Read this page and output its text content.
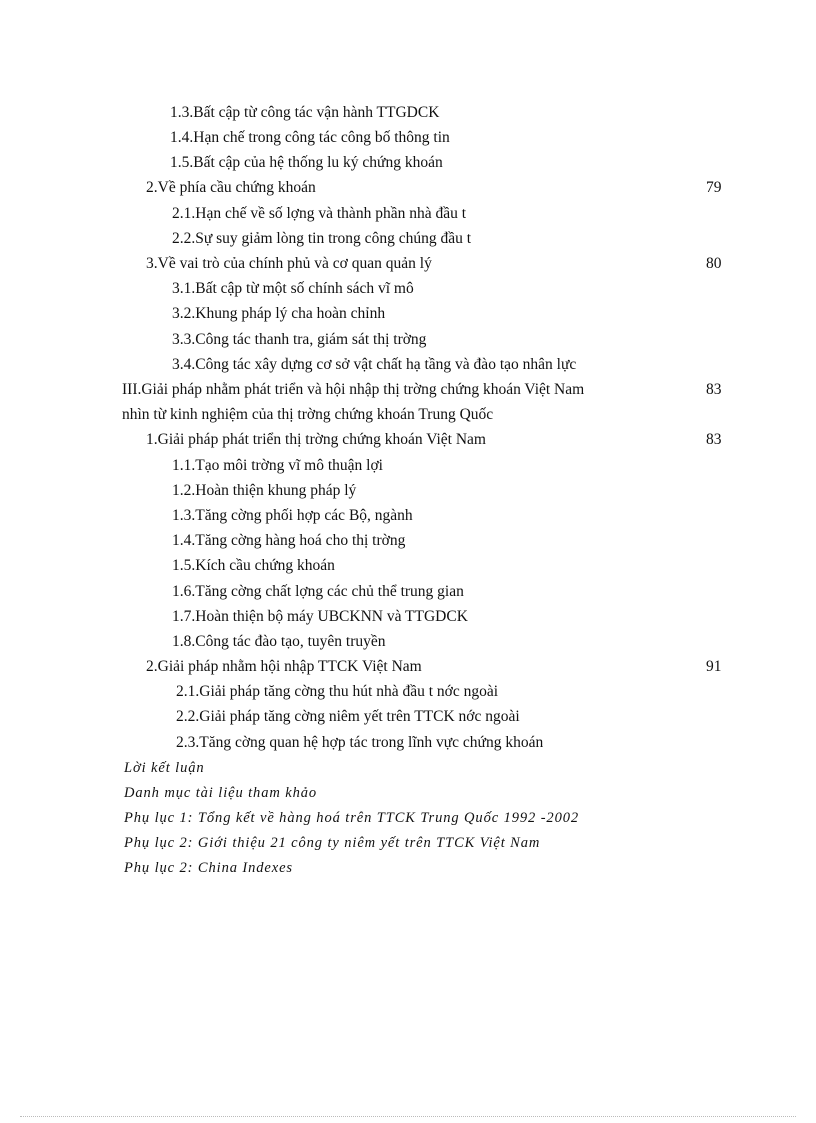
1.3.Bất cập từ công tác vận hành TTGDCK
1.4.Hạn chế trong công tác công bố thông tin
1.5.Bất cập của hệ thống lu ký chứng khoán
2.Về phía cầu chứng khoán	79
2.1.Hạn chế về số lợng và thành phần nhà đầu t
2.2.Sự suy giảm lòng tin trong công chúng đầu t
3.Về vai trò của chính phủ và cơ quan quản lý	80
3.1.Bất cập từ một số chính sách vĩ mô
3.2.Khung pháp lý cha hoàn chỉnh
3.3.Công tác thanh tra, giám sát thị trờng
3.4.Công tác xây dựng cơ sở vật chất hạ tầng và đào tạo nhân lực
III.Giải pháp nhằm phát triển và hội nhập thị trờng chứng khoán Việt Nam	83
nhìn từ kinh nghiệm của thị trờng chứng khoán Trung Quốc
1.Giải pháp phát triển thị trờng chứng khoán Việt Nam	83
1.1.Tạo môi trờng vĩ mô thuận lợi
1.2.Hoàn thiện khung pháp lý
1.3.Tăng cờng phối hợp các Bộ, ngành
1.4.Tăng cờng hàng hoá cho thị trờng
1.5.Kích cầu chứng khoán
1.6.Tăng cờng chất lợng các chủ thể trung gian
1.7.Hoàn thiện bộ máy UBCKNN và TTGDCK
1.8.Công tác đào tạo, tuyên truyền
2.Giải pháp nhằm hội nhập TTCK Việt Nam	91
2.1.Giải pháp tăng cờng thu hút nhà đầu t nớc ngoài
2.2.Giải pháp tăng cờng niêm yết trên TTCK nớc ngoài
2.3.Tăng cờng quan hệ hợp tác trong lĩnh vực chứng khoán
Lời kết luận
Danh mục tài liệu tham khảo
Phụ lục 1: Tổng kết về hàng hoá trên TTCK Trung Quốc 1992 -2002
Phụ lục 2: Giới thiệu 21 công ty niêm yết trên TTCK Việt Nam
Phụ lục 2: China Indexes
